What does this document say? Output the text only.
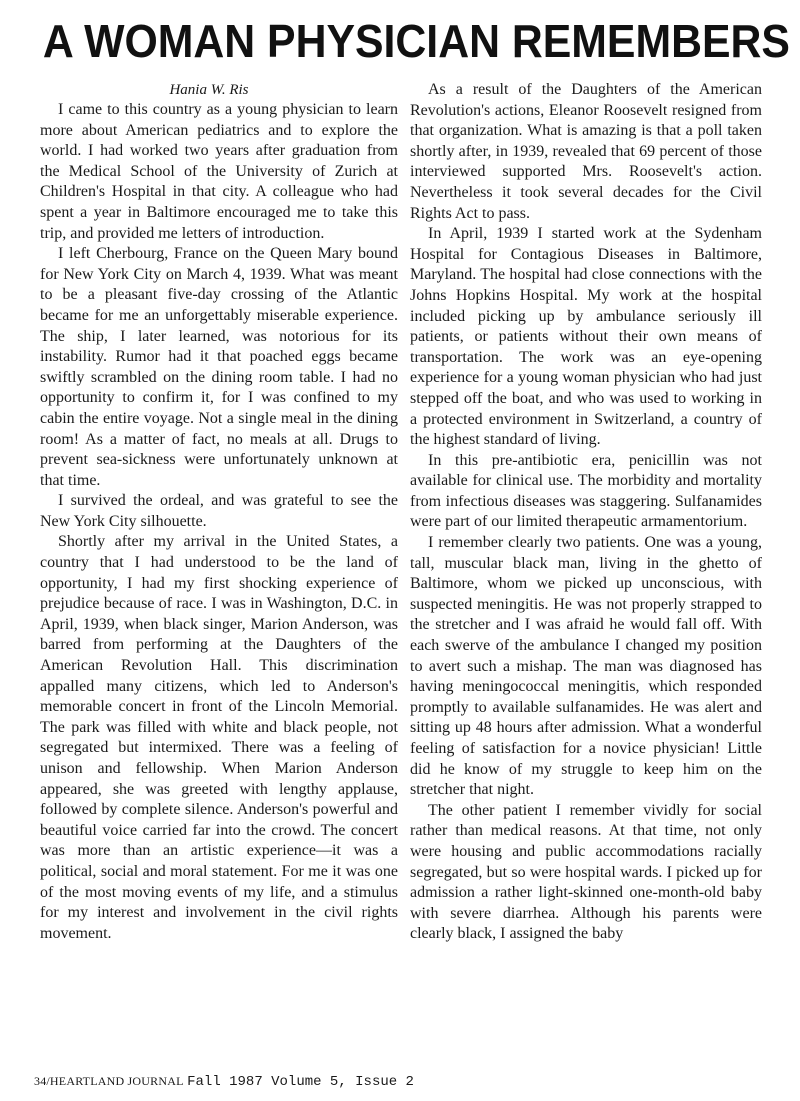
A WOMAN PHYSICIAN REMEMBERS
Hania W. Ris

I came to this country as a young physician to learn more about American pediatrics and to explore the world. I had worked two years after graduation from the Medical School of the University of Zurich at Children's Hospital in that city. A colleague who had spent a year in Baltimore encouraged me to take this trip, and provided me letters of introduction.

I left Cherbourg, France on the Queen Mary bound for New York City on March 4, 1939. What was meant to be a pleasant five-day crossing of the Atlantic became for me an unforgettably miserable experience. The ship, I later learned, was notorious for its instability. Rumor had it that poached eggs became swiftly scrambled on the dining room table. I had no opportunity to confirm it, for I was confined to my cabin the entire voyage. Not a single meal in the dining room! As a matter of fact, no meals at all. Drugs to prevent sea-sickness were unfortunately unknown at that time.

I survived the ordeal, and was grateful to see the New York City silhouette.

Shortly after my arrival in the United States, a country that I had understood to be the land of opportunity, I had my first shocking experience of prejudice because of race. I was in Washington, D.C. in April, 1939, when black singer, Marion Anderson, was barred from performing at the Daughters of the American Revolution Hall. This discrimination appalled many citizens, which led to Anderson's memorable concert in front of the Lincoln Memorial. The park was filled with white and black people, not segregated but intermixed. There was a feeling of unison and fellowship. When Marion Anderson appeared, she was greeted with lengthy applause, followed by complete silence. Anderson's powerful and beautiful voice carried far into the crowd. The concert was more than an artistic experience—it was a political, social and moral statement. For me it was one of the most moving events of my life, and a stimulus for my interest and involvement in the civil rights movement.

As a result of the Daughters of the American Revolution's actions, Eleanor Roosevelt resigned from that organization. What is amazing is that a poll taken shortly after, in 1939, revealed that 69 percent of those interviewed supported Mrs. Roosevelt's action. Nevertheless it took several decades for the Civil Rights Act to pass.

In April, 1939 I started work at the Sydenham Hospital for Contagious Diseases in Baltimore, Maryland. The hospital had close connections with the Johns Hopkins Hospital. My work at the hospital included picking up by ambulance seriously ill patients, or patients without their own means of transportation. The work was an eye-opening experience for a young woman physician who had just stepped off the boat, and who was used to working in a protected environment in Switzerland, a country of the highest standard of living.

In this pre-antibiotic era, penicillin was not available for clinical use. The morbidity and mortality from infectious diseases was staggering. Sulfanamides were part of our limited therapeutic armamentorium.

I remember clearly two patients. One was a young, tall, muscular black man, living in the ghetto of Baltimore, whom we picked up unconscious, with suspected meningitis. He was not properly strapped to the stretcher and I was afraid he would fall off. With each swerve of the ambulance I changed my position to avert such a mishap. The man was diagnosed has having meningococcal meningitis, which responded promptly to available sulfanamides. He was alert and sitting up 48 hours after admission. What a wonderful feeling of satisfaction for a novice physician! Little did he know of my struggle to keep him on the stretcher that night.

The other patient I remember vividly for social rather than medical reasons. At that time, not only were housing and public accommodations racially segregated, but so were hospital wards. I picked up for admission a rather light-skinned one-month-old baby with severe diarrhea. Although his parents were clearly black, I assigned the baby

34/HEARTLAND JOURNAL Fall 1987 Volume 5, Issue 2
